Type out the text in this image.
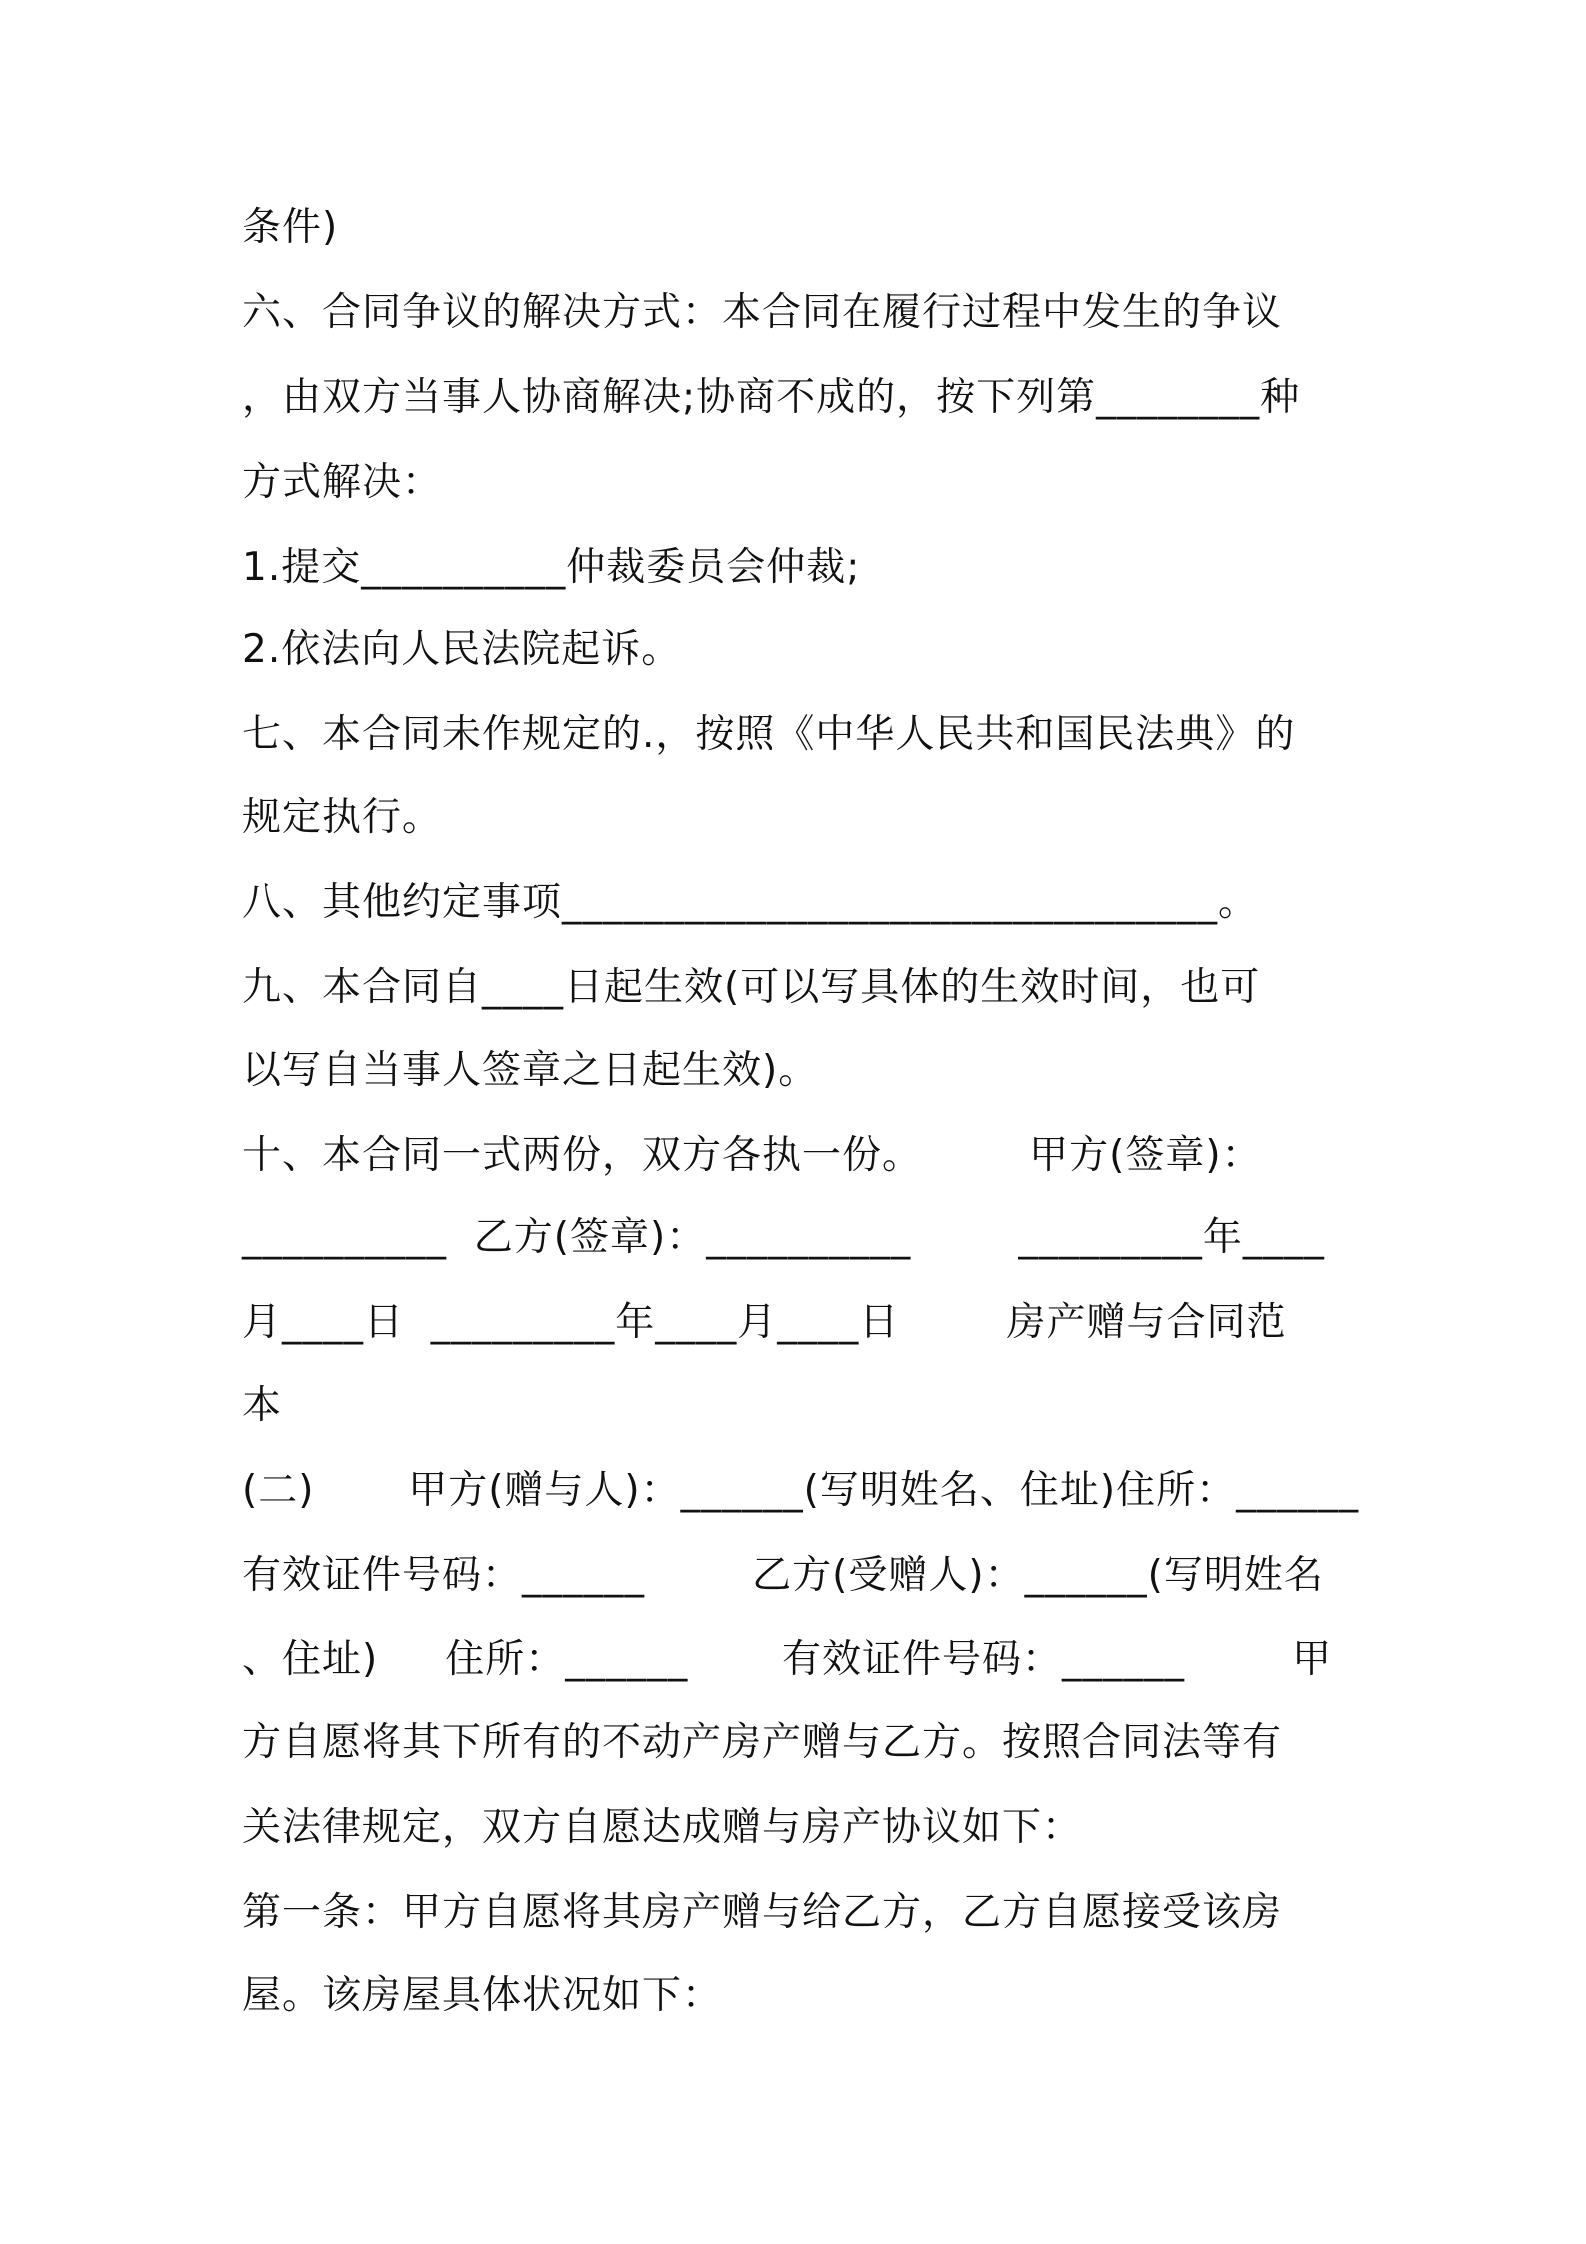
条件)
六、合同争议的解决方式：本合同在履行过程中发生的争议
，由双方当事人协商解决;协商不成的，按下列第________种
方式解决：
1.提交__________仲裁委员会仲裁;
2.依法向人民法院起诉。
七、本合同未作规定的.，按照《中华人民共和国民法典》的
规定执行。
八、其他约定事项________________________________。
九、本合同自____日起生效(可以写具体的生效时间，也可
以写自当事人签章之日起生效)。
十、本合同一式两份，双方各执一份。        甲方(签章)：
__________  乙方(签章)：__________        _________年____
月____日  _________年____月____日        房产赠与合同范
本
(二)       甲方(赠与人)：______(写明姓名、住址)住所：______
有效证件号码：______        乙方(受赠人)：______(写明姓名
、住址)     住所：______       有效证件号码：______        甲
方自愿将其下所有的不动产房产赠与乙方。按照合同法等有
关法律规定，双方自愿达成赠与房产协议如下：
第一条：甲方自愿将其房产赠与给乙方，乙方自愿接受该房
屋。该房屋具体状况如下：
